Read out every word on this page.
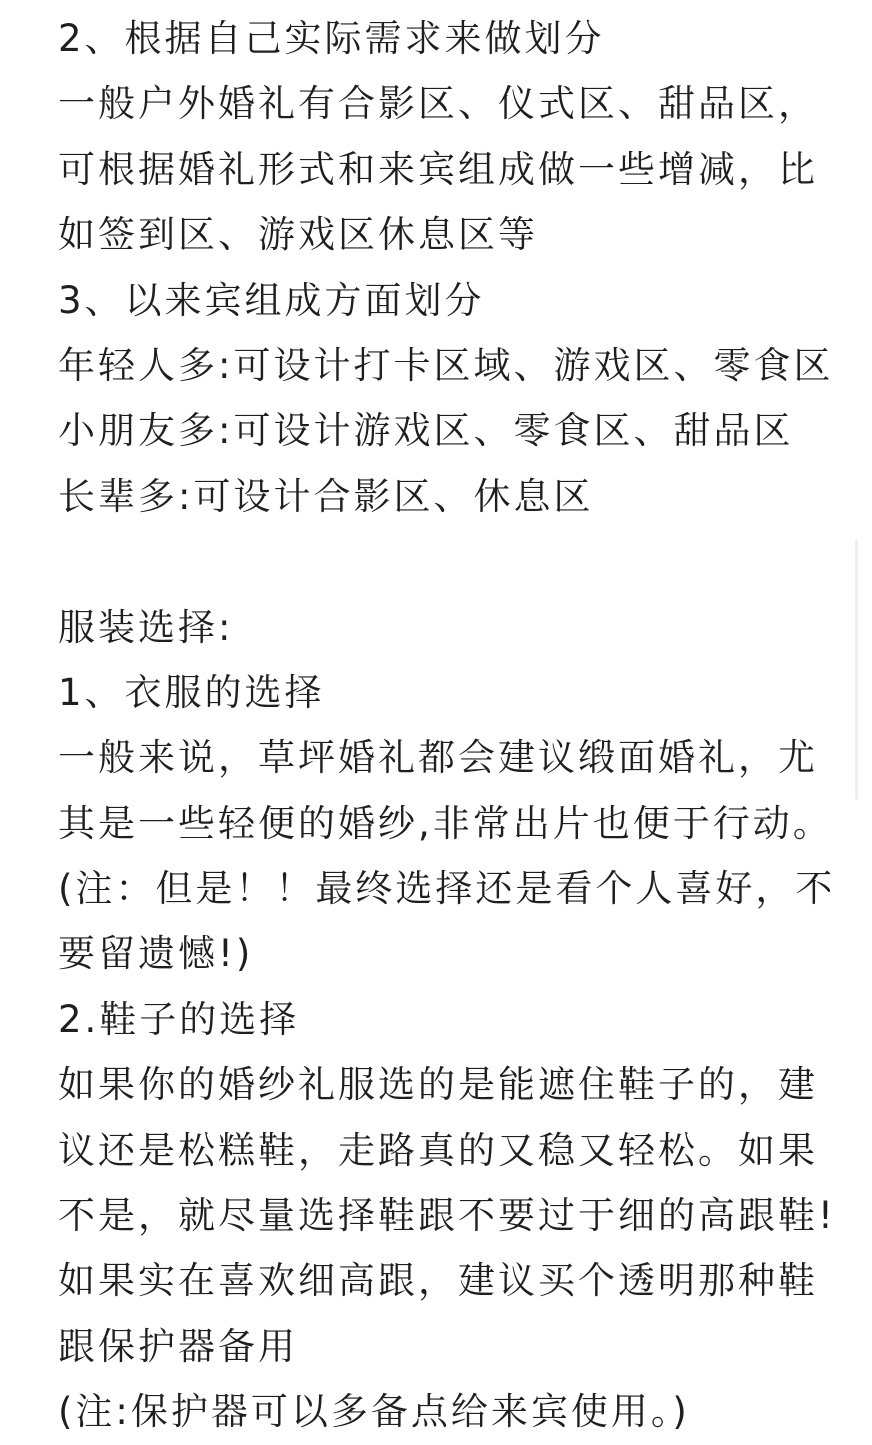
2、根据自己实际需求来做划分
一般户外婚礼有合影区、仪式区、甜品区，
可根据婚礼形式和来宾组成做一些增减，比
如签到区、游戏区休息区等
3、以来宾组成方面划分
年轻人多:可设计打卡区域、游戏区、零食区
小朋友多:可设计游戏区、零食区、甜品区
长辈多:可设计合影区、休息区
服装选择:
1、衣服的选择
一般来说，草坪婚礼都会建议缎面婚礼，尤
其是一些轻便的婚纱,非常出片也便于行动。
(注：但是！！最终选择还是看个人喜好，不
要留遗憾!)
2.鞋子的选择
如果你的婚纱礼服选的是能遮住鞋子的，建
议还是松糕鞋，走路真的又稳又轻松。如果
不是，就尽量选择鞋跟不要过于细的高跟鞋!
如果实在喜欢细高跟，建议买个透明那种鞋
跟保护器备用
(注:保护器可以多备点给来宾使用。)
